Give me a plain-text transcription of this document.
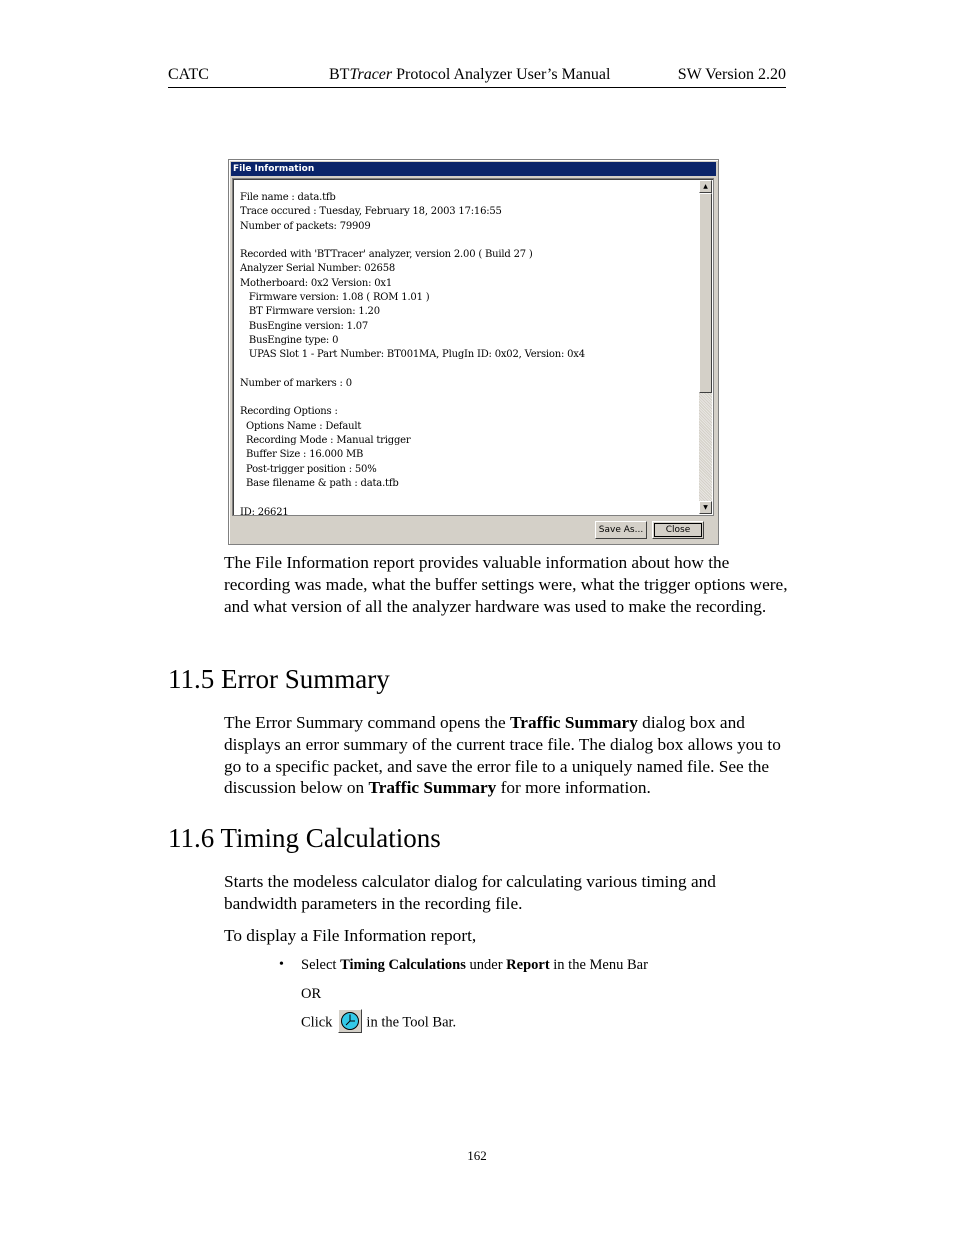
CATC	BTTracer Protocol Analyzer User’s Manual	SW Version 2.20
File Information
File name : data.tfb
Trace occured : Tuesday, February 18, 2003 17:16:55
Number of packets: 79909

Recorded with 'BTTracer' analyzer, version 2.00 ( Build 27 )
Analyzer Serial Number: 02658
Motherboard: 0x2 Version: 0x1
Firmware version: 1.08 ( ROM 1.01 )
BT Firmware version: 1.20
BusEngine version: 1.07
BusEngine type: 0
UPAS Slot 1 - Part Number: BT001MA, PlugIn ID: 0x02, Version: 0x4

Number of markers : 0

Recording Options :
Options Name : Default
Recording Mode : Manual trigger
Buffer Size : 16.000 MB
Post-trigger position : 50%
Base filename & path : data.tfb

ID: 26621
▲
▼
Save As...	Close
The File Information report provides valuable information about how the recording was made, what the buffer settings were, what the trigger options were, and what version of all the analyzer hardware was used to make the recording.
11.5 Error Summary
The Error Summary command opens the Traffic Summary dialog box and displays an error summary of the current trace file. The dialog box allows you to go to a specific packet, and save the error file to a uniquely named file. See the discussion below on Traffic Summary for more information.
11.6 Timing Calculations
Starts the modeless calculator dialog for calculating various timing and bandwidth parameters in the recording file.
To display a File Information report,
• Select Timing Calculations under Report in the Menu Bar
OR
Click in the Tool Bar.
162
